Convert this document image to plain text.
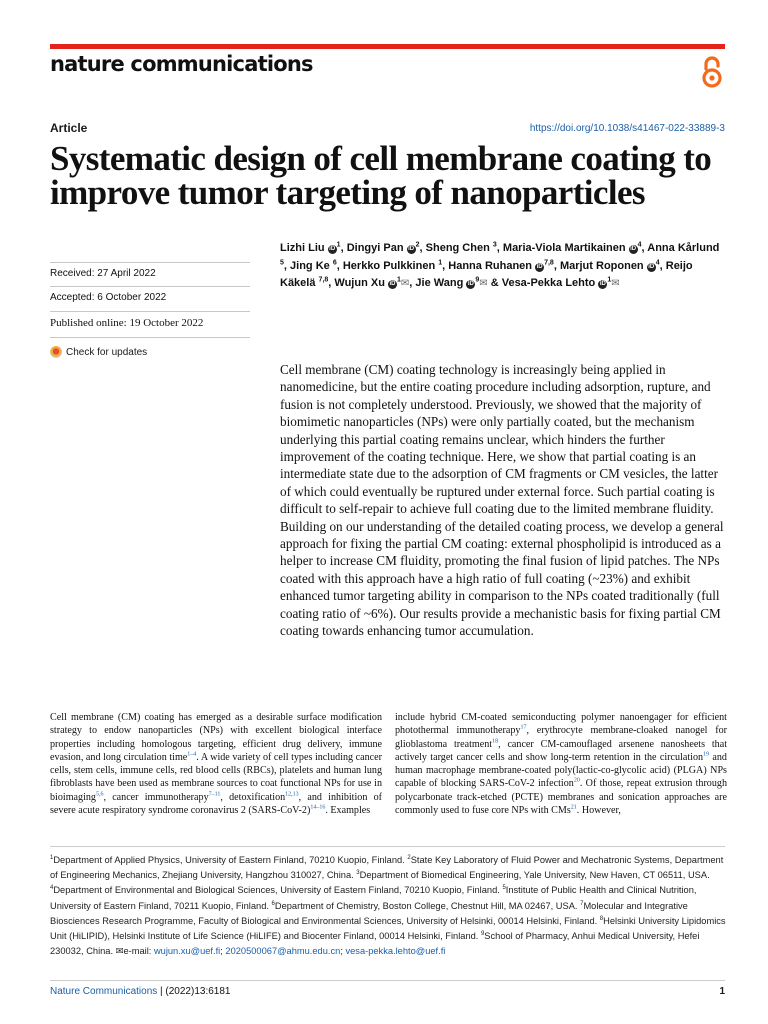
nature communications
Article	https://doi.org/10.1038/s41467-022-33889-3
Systematic design of cell membrane coating to improve tumor targeting of nanoparticles
Received: 27 April 2022
Accepted: 6 October 2022
Published online: 19 October 2022
Check for updates
Lizhi Liu $iD^1$, Dingyi Pan $iD^2$, Sheng Chen $^3$, Maria-Viola Martikainen $iD^4$, Anna Kårlund $^5$, Jing Ke $^6$, Herkko Pulkkinen $^1$, Hanna Ruhanen iD$^{7,8}$, Marjut Roponen $iD^4$, Reijo Käkelä $^{7,8}$, Wujun Xu $iD^1✉$, Jie Wang $iD^9✉$ & Vesa-Pekka Lehto $iD^1✉$
Cell membrane (CM) coating technology is increasingly being applied in nanomedicine, but the entire coating procedure including adsorption, rupture, and fusion is not completely understood. Previously, we showed that the majority of biomimetic nanoparticles (NPs) were only partially coated, but the mechanism underlying this partial coating remains unclear, which hinders the further improvement of the coating technique. Here, we show that partial coating is an intermediate state due to the adsorption of CM fragments or CM vesicles, the latter of which could eventually be ruptured under external force. Such partial coating is difficult to self-repair to achieve full coating due to the limited membrane fluidity. Building on our understanding of the detailed coating process, we develop a general approach for fixing the partial CM coating: external phospholipid is introduced as a helper to increase CM fluidity, promoting the final fusion of lipid patches. The NPs coated with this approach have a high ratio of full coating (~23%) and exhibit enhanced tumor targeting ability in comparison to the NPs coated traditionally (full coating ratio of ~6%). Our results provide a mechanistic basis for fixing partial CM coating towards enhancing tumor accumulation.
Cell membrane (CM) coating has emerged as a desirable surface modification strategy to endow nanoparticles (NPs) with excellent biological interface properties including homologous targeting, efficient drug delivery, immune evasion, and long circulation time$^{1-4}$. A wide variety of cell types including cancer cells, stem cells, immune cells, red blood cells (RBCs), platelets and human lung fibroblasts have been used as membrane sources to coat functional NPs for use in bioimaging$^{5,6}$, cancer immunotherapy$^{7-11}$, detoxification$^{12,13}$, and inhibition of severe acute respiratory syndrome coronavirus 2 (SARS-CoV-2)$^{14-16}$. Examples
include hybrid CM-coated semiconducting polymer nanoengager for efficient photothermal immunotherapy$^{17}$, erythrocyte membrane-cloaked nanogel for glioblastoma treatment$^{18}$, cancer CM-camouflaged arsenene nanosheets that actively target cancer cells and show long-term retention in the circulation$^{19}$ and human macrophage membrane-coated poly(lactic-co-glycolic acid) (PLGA) NPs capable of blocking SARS-CoV-2 infection$^{20}$. Of those, repeat extrusion through polycarbonate track-etched (PCTE) membranes and sonication approaches are commonly used to fuse core NPs with CMs$^{21}$. However,
$^1$Department of Applied Physics, University of Eastern Finland, 70210 Kuopio, Finland. $^2$State Key Laboratory of Fluid Power and Mechatronic Systems, Department of Engineering Mechanics, Zhejiang University, Hangzhou 310027, China. $^3$Department of Biomedical Engineering, Yale University, New Haven, CT 06511, USA. $^4$Department of Environmental and Biological Sciences, University of Eastern Finland, 70210 Kuopio, Finland. $^5$Institute of Public Health and Clinical Nutrition, University of Eastern Finland, 70211 Kuopio, Finland. $^6$Department of Chemistry, Boston College, Chestnut Hill, MA 02467, USA. $^7$Molecular and Integrative Biosciences Research Programme, Faculty of Biological and Environmental Sciences, University of Helsinki, 00014 Helsinki, Finland. $^8$Helsinki University Lipidomics Unit (HiLIPID), Helsinki Institute of Life Science (HiLIFE) and Biocenter Finland, 00014 Helsinki, Finland. $^9$School of Pharmacy, Anhui Medical University, Hefei 230032, China. ✉e-mail: wujun.xu@uef.fi; 2020500067@ahmu.edu.cn; vesa-pekka.lehto@uef.fi
Nature Communications | (2022)13:6181	1
